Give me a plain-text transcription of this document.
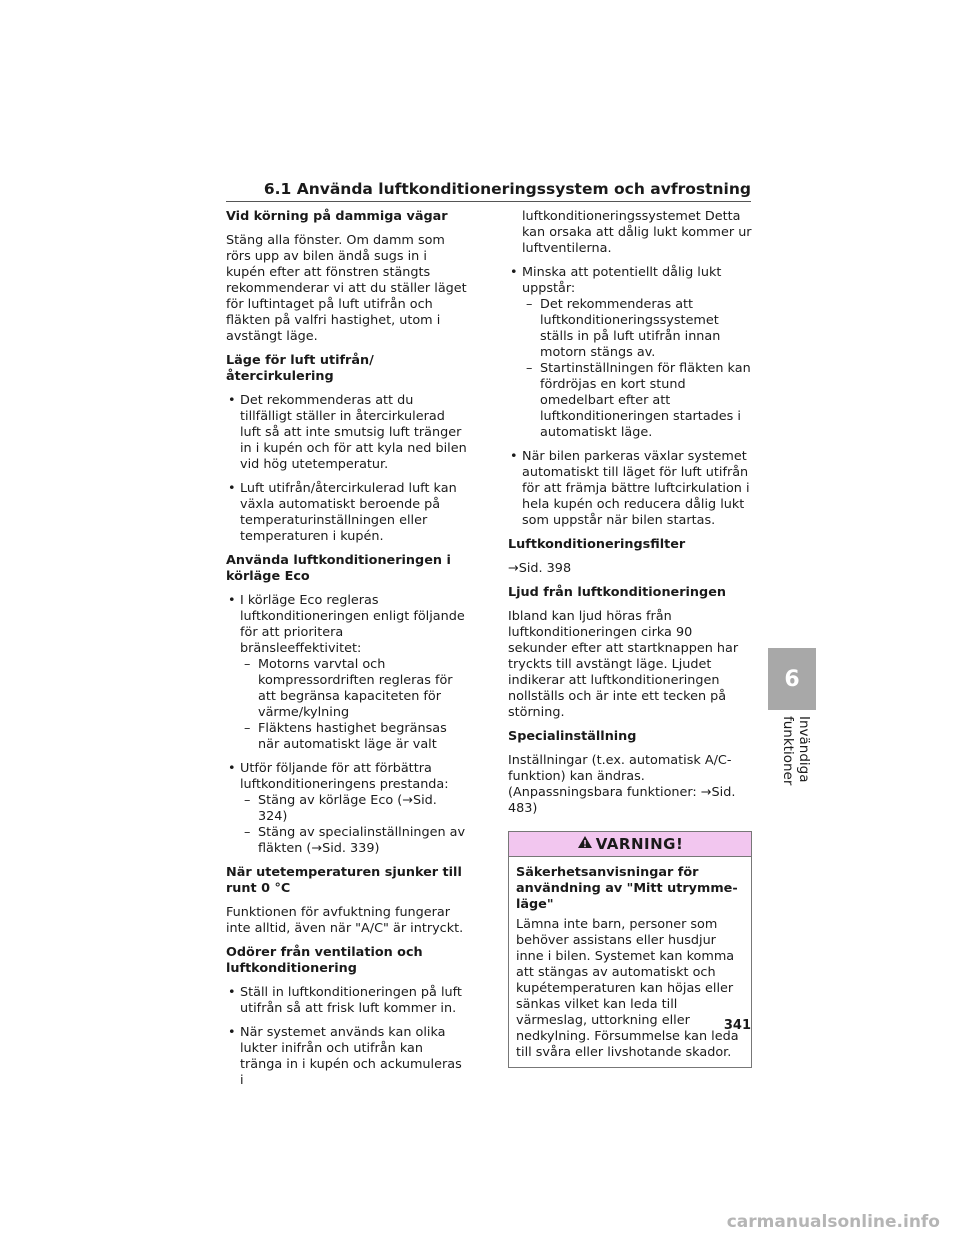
6.1 Använda luftkonditioneringssystem och avfrostning
Vid körning på dammiga vägar
Stäng alla fönster. Om damm som rörs upp av bilen ändå sugs in i kupén efter att fönstren stängts rekommenderar vi att du ställer läget för luftintaget på luft utifrån och fläkten på valfri hastighet, utom i avstängt läge.
Läge för luft utifrån/återcirkulering
• Det rekommenderas att du tillfälligt ställer in återcirkulerad luft så att inte smutsig luft tränger in i kupén och för att kyla ned bilen vid hög utetemperatur.
• Luft utifrån/återcirkulerad luft kan växla automatiskt beroende på temperaturinställningen eller temperaturen i kupén.
Använda luftkonditioneringen i körläge Eco
• I körläge Eco regleras luftkonditioneringen enligt följande för att prioritera bränsleeffektivitet:
– Motorns varvtal och kompressordriften regleras för att begränsa kapaciteten för värme/kylning
– Fläktens hastighet begränsas när automatiskt läge är valt
• Utför följande för att förbättra luftkonditioneringens prestanda:
– Stäng av körläge Eco (→Sid. 324)
– Stäng av specialinställningen av fläkten (→Sid. 339)
När utetemperaturen sjunker till runt 0 °C
Funktionen för avfuktning fungerar inte alltid, även när "A/C" är intryckt.
Odörer från ventilation och luftkonditionering
• Ställ in luftkonditioneringen på luft utifrån så att frisk luft kommer in.
• När systemet används kan olika lukter inifrån och utifrån kan tränga in i kupén och ackumuleras i
luftkonditioneringssystemet Detta kan orsaka att dålig lukt kommer ur luftventilerna.
• Minska att potentiellt dålig lukt uppstår:
– Det rekommenderas att luftkonditioneringssystemet ställs in på luft utifrån innan motorn stängs av.
– Startinställningen för fläkten kan fördröjas en kort stund omedelbart efter att luftkonditioneringen startades i automatiskt läge.
• När bilen parkeras växlar systemet automatiskt till läget för luft utifrån för att främja bättre luftcirkulation i hela kupén och reducera dålig lukt som uppstår när bilen startas.
Luftkonditioneringsfilter
→Sid. 398
Ljud från luftkonditioneringen
Ibland kan ljud höras från luftkonditioneringen cirka 90 sekunder efter att startknappen har tryckts till avstängt läge. Ljudet indikerar att luftkonditioneringen nollställs och är inte ett tecken på störning.
Specialinställning
Inställningar (t.ex. automatisk A/C-funktion) kan ändras. (Anpassningsbara funktioner: →Sid. 483)
VARNING!
Säkerhetsanvisningar för användning av "Mitt utrymme-läge"
Lämna inte barn, personer som behöver assistans eller husdjur inne i bilen. Systemet kan komma att stängas av automatiskt och kupétemperaturen kan höjas eller sänkas vilket kan leda till värmeslag, uttorkning eller nedkylning. Försummelse kan leda till svåra eller livshotande skador.
6
Invändiga funktioner
341
carmanualsonline.info
